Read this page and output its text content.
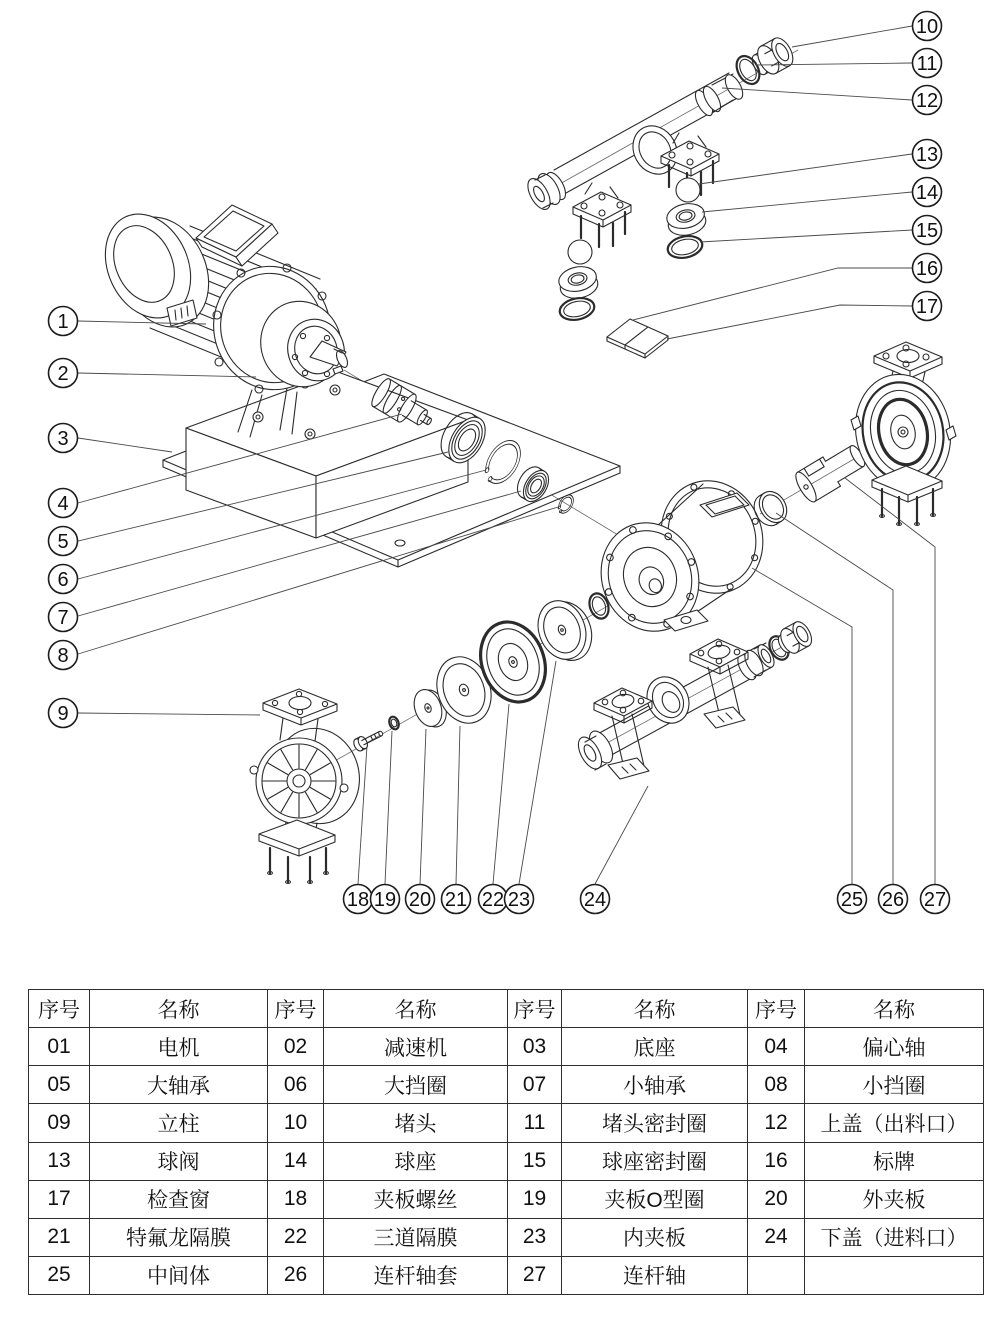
1
2
3
4
5
6
7
8
9
10
11
12
13
14
15
16
17
18 19 20 21 22 23	24	25 26 27
序号	名称	序号	名称	序号	名称	序号	名称
01	电机	02	减速机	03	底座	04	偏心轴
05	大轴承	06	大挡圈	07	小轴承	08	小挡圈
09	立柱	10	堵头	11	堵头密封圈	12	上盖（出料口）
13	球阀	14	球座	15	球座密封圈	16	标牌
17	检查窗	18	夹板螺丝	19	夹板O型圈	20	外夹板
21	特氟龙隔膜	22	三道隔膜	23	内夹板	24	下盖（进料口）
25	中间体	26	连杆轴套	27	连杆轴		
